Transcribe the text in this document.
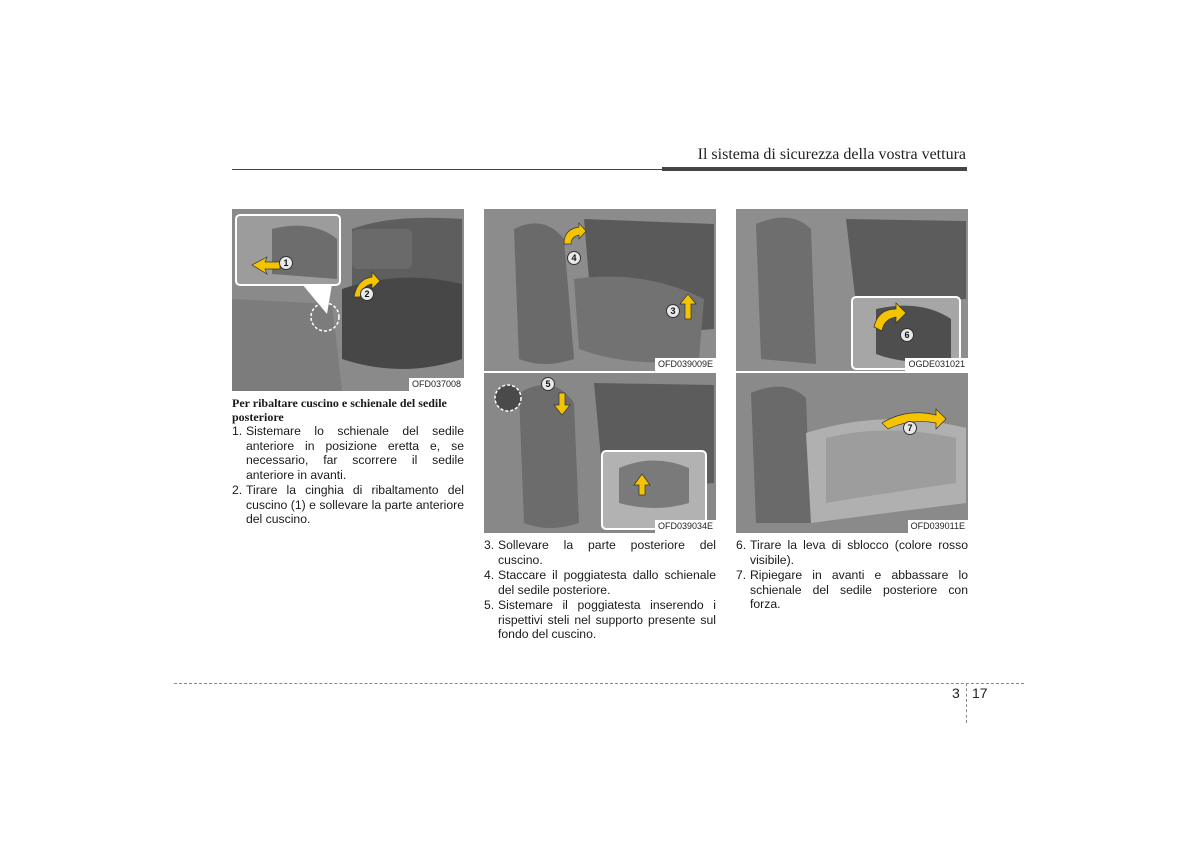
Il sistema di sicurezza della vostra vettura
1
2
OFD037008
4
3
OFD039009E
5
OFD039034E
6
OGDE031021
7
OFD039011E
Per ribaltare cuscino e schienale del sedile posteriore
1. Sistemare lo schienale del sedile anteriore in posizione eretta e, se necessario, far scorrere il sedile anteriore in avanti.
2. Tirare la cinghia di ribaltamento del cuscino (1) e sollevare la parte anteriore del cuscino.
3. Sollevare la parte posteriore del cuscino.
4. Staccare il poggiatesta dallo schienale del sedile posteriore.
5. Sistemare il poggiatesta inserendo i rispettivi steli nel supporto presente sul fondo del cuscino.
6. Tirare la leva di sblocco (colore rosso visibile).
7. Ripiegare in avanti e abbassare lo schienale del sedile posteriore con forza.
3 17
